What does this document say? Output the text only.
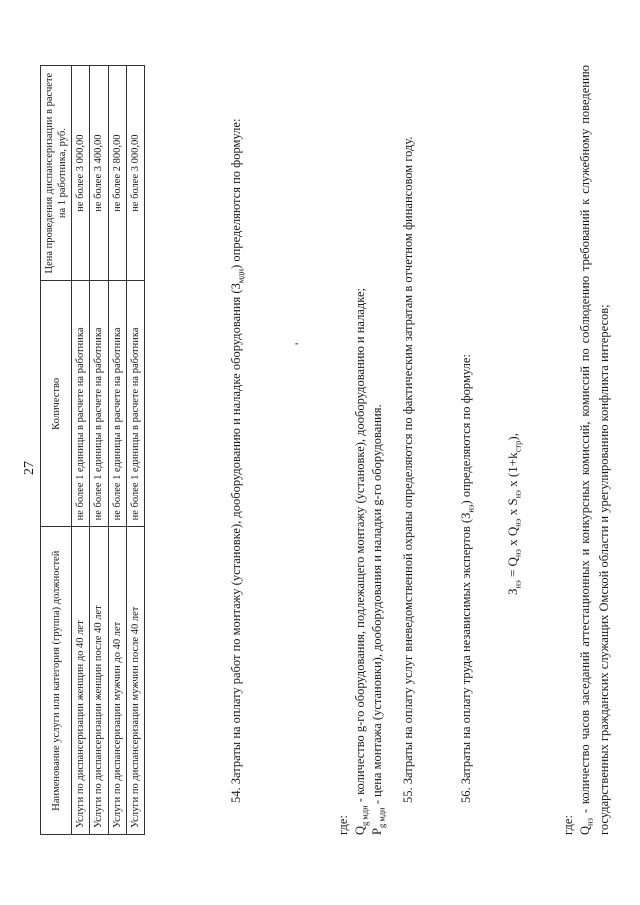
27
Наименование услуги или категория (группа) должностей	Количество	Цена проведения диспансеризации в расчете на 1 работника, руб.
Услуги по диспансеризации женщин до 40 лет	не более 1 единицы в расчете на работника	не более 3 000,00
Услуги по диспансеризации женщин после 40 лет	не более 1 единицы в расчете на работника	не более 3 400,00
Услуги по диспансеризации мужчин до 40 лет	не более 1 единицы в расчете на работника	не более 2 800,00
Услуги по диспансеризации мужчин после 40 лет	не более 1 единицы в расчете на работника	не более 3 000,00

54. Затраты на оплату работ по монтажу (установке), дооборудованию и наладке оборудования $(З_{мдн})$ определяются по формуле:

'

где: $Q_{g мдн}$ - количество g-го оборудования, подлежащего монтажу (установке), дооборудованию и наладке;

$P_{g мдн}$ - цена монтажа (установки), дооборудования и наладки g-го оборудования. 55. Затраты на оплату услуг вневедомственной охраны определяются по фактическим затратам в отчетном финансовом году.	56. Затраты на оплату труда независимых экспертов $(З_{нэ})$ определяются по формуле:

$З_{нэ} = Q_{нз}$ x $Q_{нэ}$ x $S_{нэ}$ x $(1+k_{стр})$,

где: $Q_{нз}$ - количество часов заседаний аттестационных и конкурсных комиссий, комиссий по соблюдению требований к служебному поведению государственных гражданских служащих Омской области и урегулированию конфликта интересов;
